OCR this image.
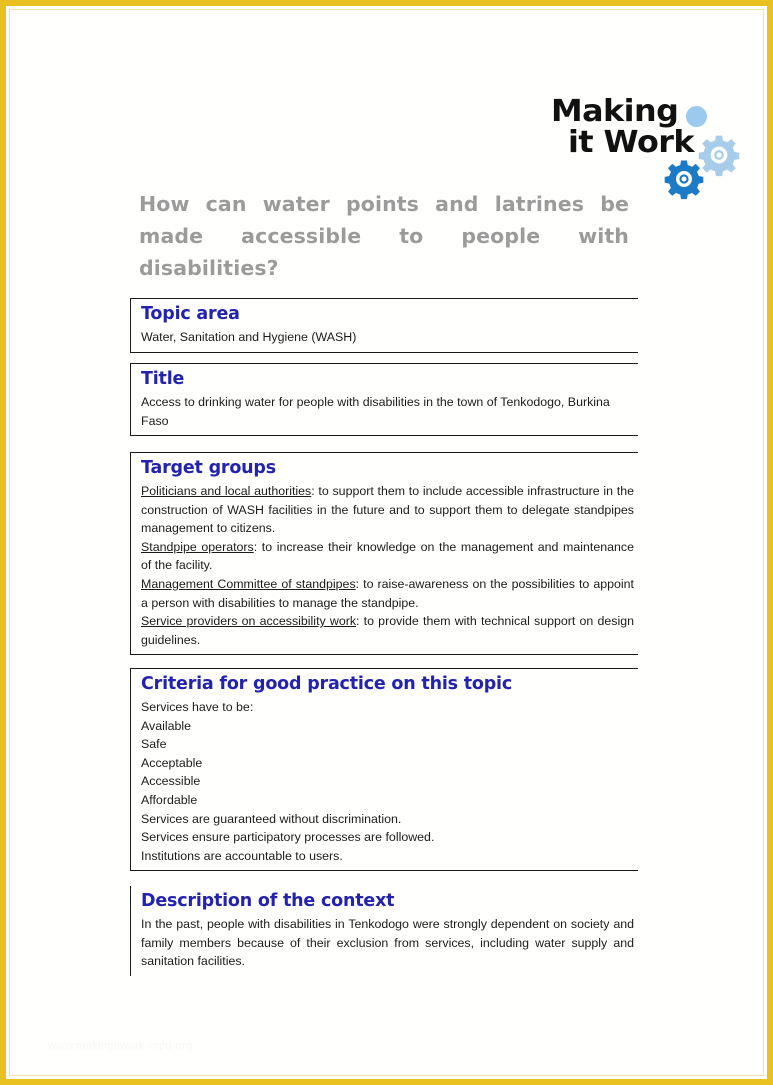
Making
it Work
How can water points and latrines be made accessible to people with disabilities?
Topic area
Water, Sanitation and Hygiene (WASH)
Title
Access to drinking water for people with disabilities in the town of Tenkodogo, Burkina Faso
Target groups

Politicians and local authorities: to support them to include accessible infrastructure in the construction of WASH facilities in the future and to support them to delegate standpipes management to citizens.

Standpipe operators: to increase their knowledge on the management and maintenance of the facility.

Management Committee of standpipes: to raise-awareness on the possibilities to appoint a person with disabilities to manage the standpipe.

Service providers on accessibility work: to provide them with technical support on design guidelines.

Criteria for good practice on this topic
Services have to be:
Available
Safe
Acceptable
Accessible
Affordable
Services are guaranteed without discrimination.
Services ensure participatory processes are followed.
Institutions are accountable to users.
Description of the context
In the past, people with disabilities in Tenkodogo were strongly dependent on society and family members because of their exclusion from services, including water supply and sanitation facilities.
www.makingitwork-crpd.org
